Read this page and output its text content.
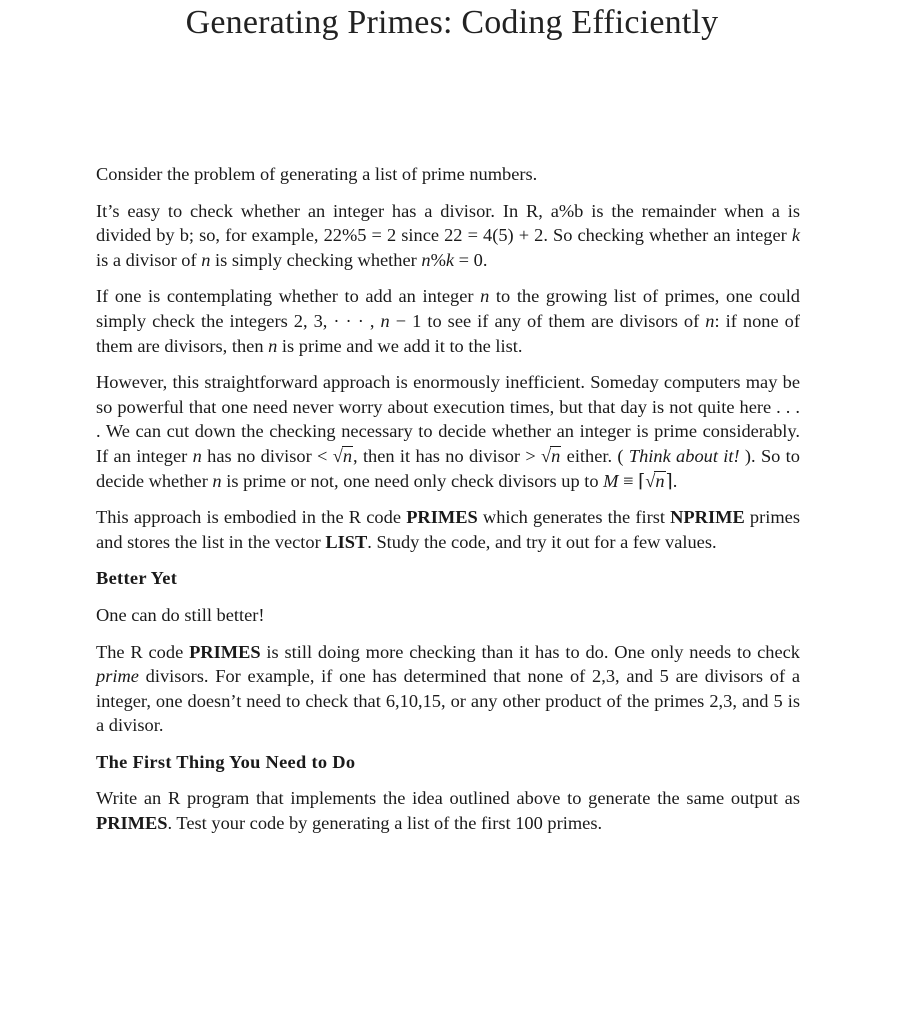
Generating Primes: Coding Efficiently

Consider the problem of generating a list of prime numbers.

It’s easy to check whether an integer has a divisor. In R, a%b is the remainder when a is divided by b; so, for example, 22%5 = 2 since 22 = 4(5) + 2. So checking whether an integer k is a divisor of n is simply checking whether n%k = 0.

If one is contemplating whether to add an integer n to the growing list of primes, one could simply check the integers 2, 3, · · · , n − 1 to see if any of them are divisors of n: if none of them are divisors, then n is prime and we add it to the list.

However, this straightforward approach is enormously inefficient. Someday computers may be so powerful that one need never worry about execution times, but that day is not quite here . . . . We can cut down the checking necessary to decide whether an integer is prime considerably. If an integer n has no divisor < √n, then it has no divisor > √n either. ( Think about it! ). So to decide whether n is prime or not, one need only check divisors up to M ≡ ⌈√n⌉.

This approach is embodied in the R code PRIMES which generates the first NPRIME primes and stores the list in the vector LIST. Study the code, and try it out for a few values.

Better Yet

One can do still better!

The R code PRIMES is still doing more checking than it has to do. One only needs to check prime divisors. For example, if one has determined that none of 2,3, and 5 are divisors of a integer, one doesn’t need to check that 6,10,15, or any other product of the primes 2,3, and 5 is a divisor.

The First Thing You Need to Do

Write an R program that implements the idea outlined above to generate the same output as PRIMES. Test your code by generating a list of the first 100 primes.
